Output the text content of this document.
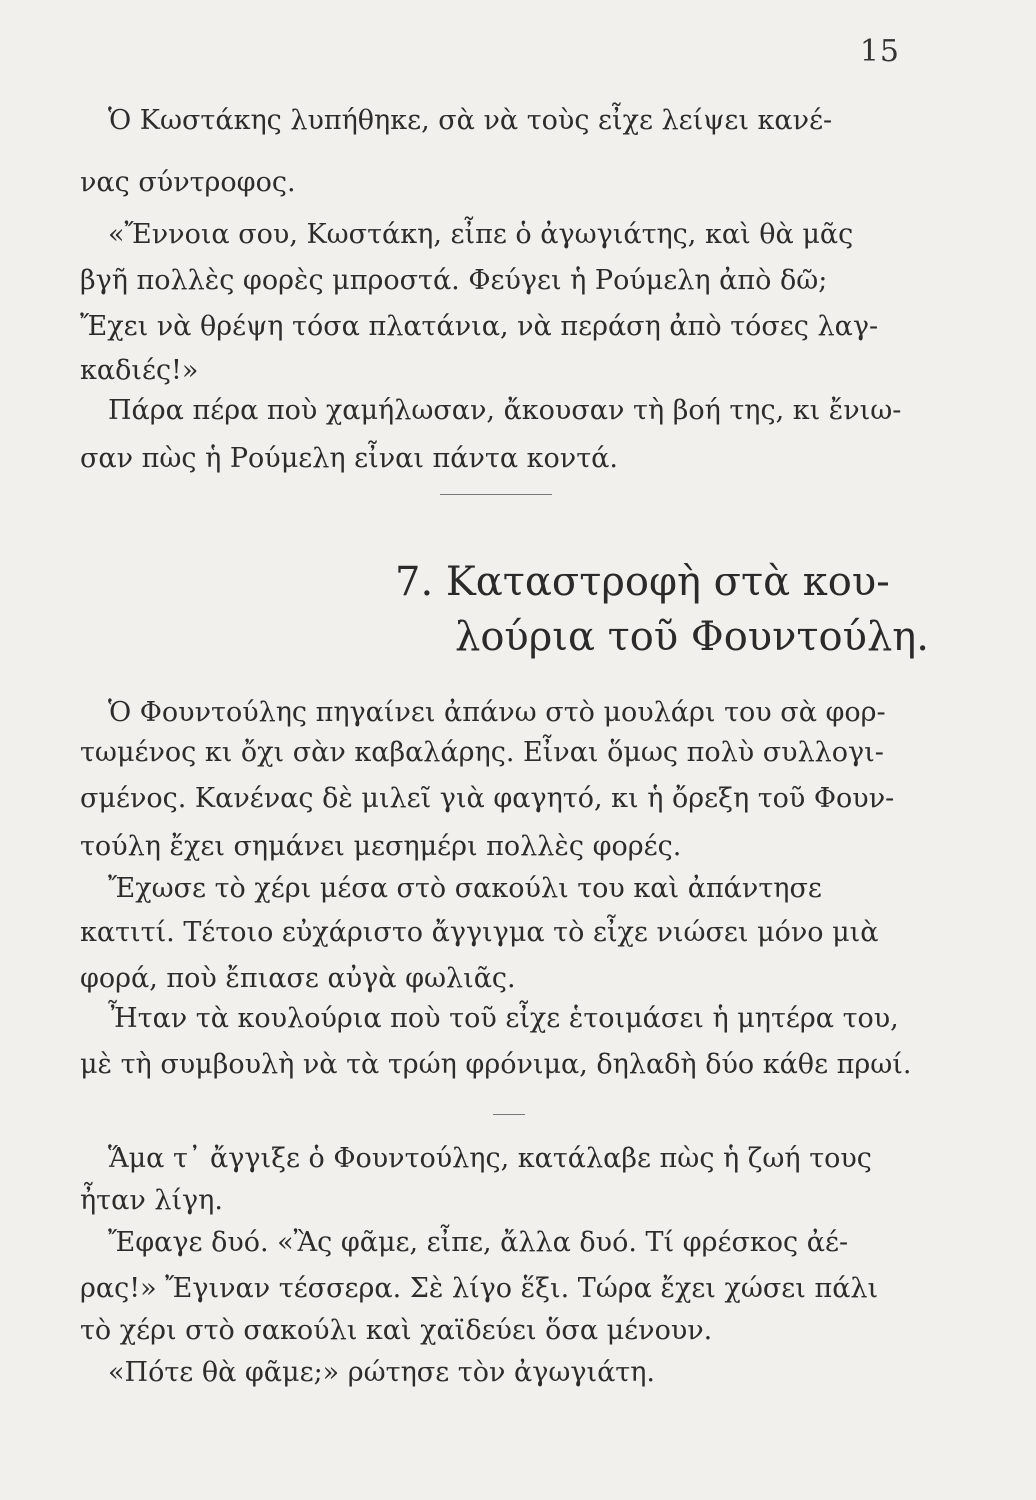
15
Ὁ Κωστάκης λυπήθηκε, σὰ νὰ τοὺς εἶχε λείψει κανέ-
νας σύντροφος.
«Ἔννοια σου, Κωστάκη, εἶπε ὁ ἀγωγιάτης, καὶ θὰ μᾶς
βγῆ πολλὲς φορὲς μπροστά. Φεύγει ἡ Ρούμελη ἀπὸ δῶ;
Ἔχει νὰ θρέψη τόσα πλατάνια, νὰ περάση ἀπὸ τόσες λαγ-
καδιές!»
Πάρα πέρα ποὺ χαμήλωσαν, ἄκουσαν τὴ βοή της, κι ἔνιω-
σαν πὼς ἡ Ρούμελη εἶναι πάντα κοντά.
7. Καταστροφὴ στὰ κου-
λούρια τοῦ Φουντούλη.
Ὁ Φουντούλης πηγαίνει ἀπάνω στὸ μουλάρι του σὰ φορ-
τωμένος κι ὄχι σὰν καβαλάρης. Εἶναι ὅμως πολὺ συλλογι-
σμένος. Κανένας δὲ μιλεῖ γιὰ φαγητό, κι ἡ ὄρεξη τοῦ Φουν-
τούλη ἔχει σημάνει μεσημέρι πολλὲς φορές.
Ἔχωσε τὸ χέρι μέσα στὸ σακούλι του καὶ ἀπάντησε
κατιτί. Τέτοιο εὐχάριστο ἄγγιγμα τὸ εἶχε νιώσει μόνο μιὰ
φορά, ποὺ ἔπιασε αὐγὰ φωλιᾶς.
Ἦταν τὰ κουλούρια ποὺ τοῦ εἶχε ἑτοιμάσει ἡ μητέρα του,
μὲ τὴ συμβουλὴ νὰ τὰ τρώη φρόνιμα, δηλαδὴ δύο κάθε πρωί.
Ἅμα τ᾽ ἄγγιξε ὁ Φουντούλης, κατάλαβε πὼς ἡ ζωή τους
ἦταν λίγη.
Ἔφαγε δυό. «Ἂς φᾶμε, εἶπε, ἄλλα δυό. Τί φρέσκος ἀέ-
ρας!» Ἔγιναν τέσσερα. Σὲ λίγο ἕξι. Τώρα ἔχει χώσει πάλι
τὸ χέρι στὸ σακούλι καὶ χαϊδεύει ὅσα μένουν.
«Πότε θὰ φᾶμε;» ρώτησε τὸν ἀγωγιάτη.
